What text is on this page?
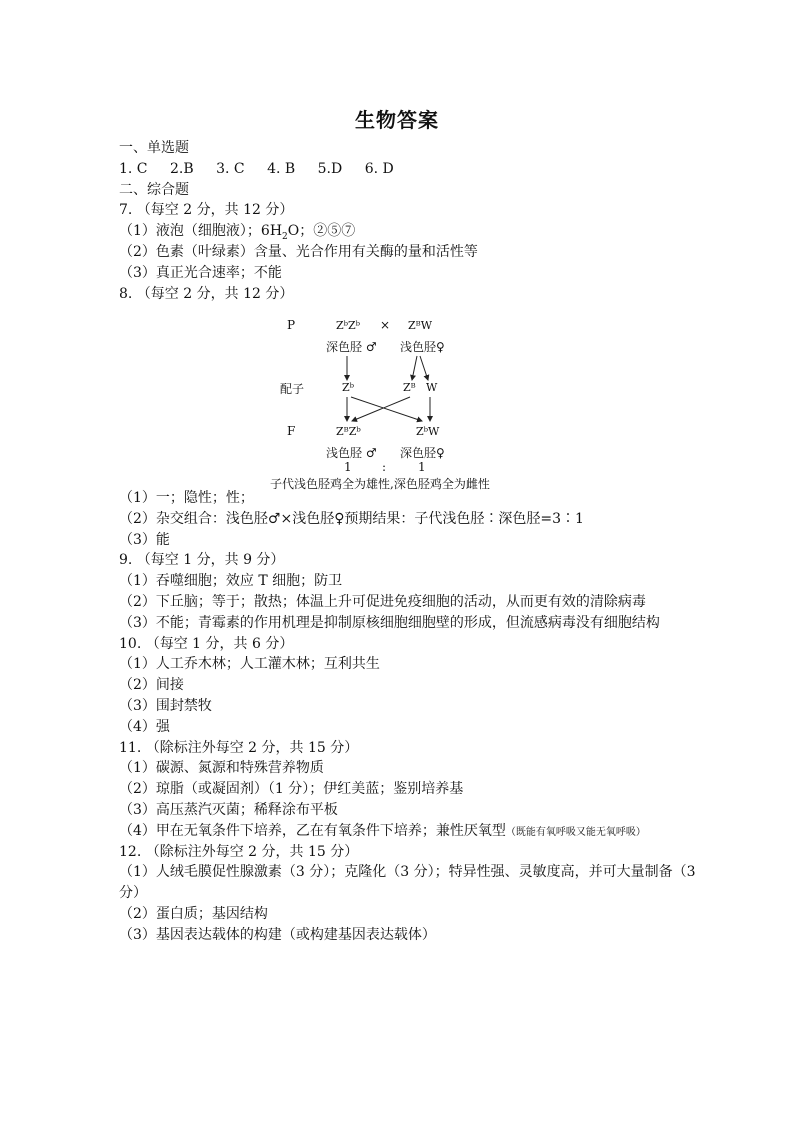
生物答案
一、单选题
1. C 2.B 3. C 4. B 5.D 6. D
二、综合题
7. （每空 2 分，共 12 分）
（1）液泡（细胞液）；$6H_2O$；②⑤⑦
（2）色素（叶绿素）含量、光合作用有关酶的量和活性等
（3）真正光合速率；不能
8. （每空 2 分，共 12 分）
P	ZᵇZᵇ × ZᴮW
深色胫 ♂ 浅色胫♀
配子	Zᵇ	Zᴮ W
F	ZᴮZᵇ	ZᵇW
浅色胫 ♂ 深色胫♀
1	:	1
子代浅色胫鸡全为雄性,深色胫鸡全为雌性
（1）一；隐性；性；
（2）杂交组合：浅色胫♂×浅色胫♀预期结果：子代浅色胫∶深色胫=3∶1
（3）能
9. （每空 1 分，共 9 分）
（1）吞噬细胞；效应 T 细胞；防卫
（2）下丘脑；等于；散热；体温上升可促进免疫细胞的活动，从而更有效的清除病毒
（3）不能；青霉素的作用机理是抑制原核细胞细胞壁的形成，但流感病毒没有细胞结构
10. （每空 1 分，共 6 分）
（1）人工乔木林；人工灌木林；互利共生
（2）间接
（3）围封禁牧
（4）强
11. （除标注外每空 2 分，共 15 分）
（1）碳源、氮源和特殊营养物质
（2）琼脂（或凝固剂）（1 分）；伊红美蓝；鉴别培养基
（3）高压蒸汽灭菌；稀释涂布平板
（4）甲在无氧条件下培养，乙在有氧条件下培养；兼性厌氧型（既能有氧呼吸又能无氧呼吸）
12. （除标注外每空 2 分，共 15 分）
（1）人绒毛膜促性腺激素（3 分）；克隆化（3 分）；特异性强、灵敏度高，并可大量制备（3
分）
（2）蛋白质；基因结构
（3）基因表达载体的构建（或构建基因表达载体）
